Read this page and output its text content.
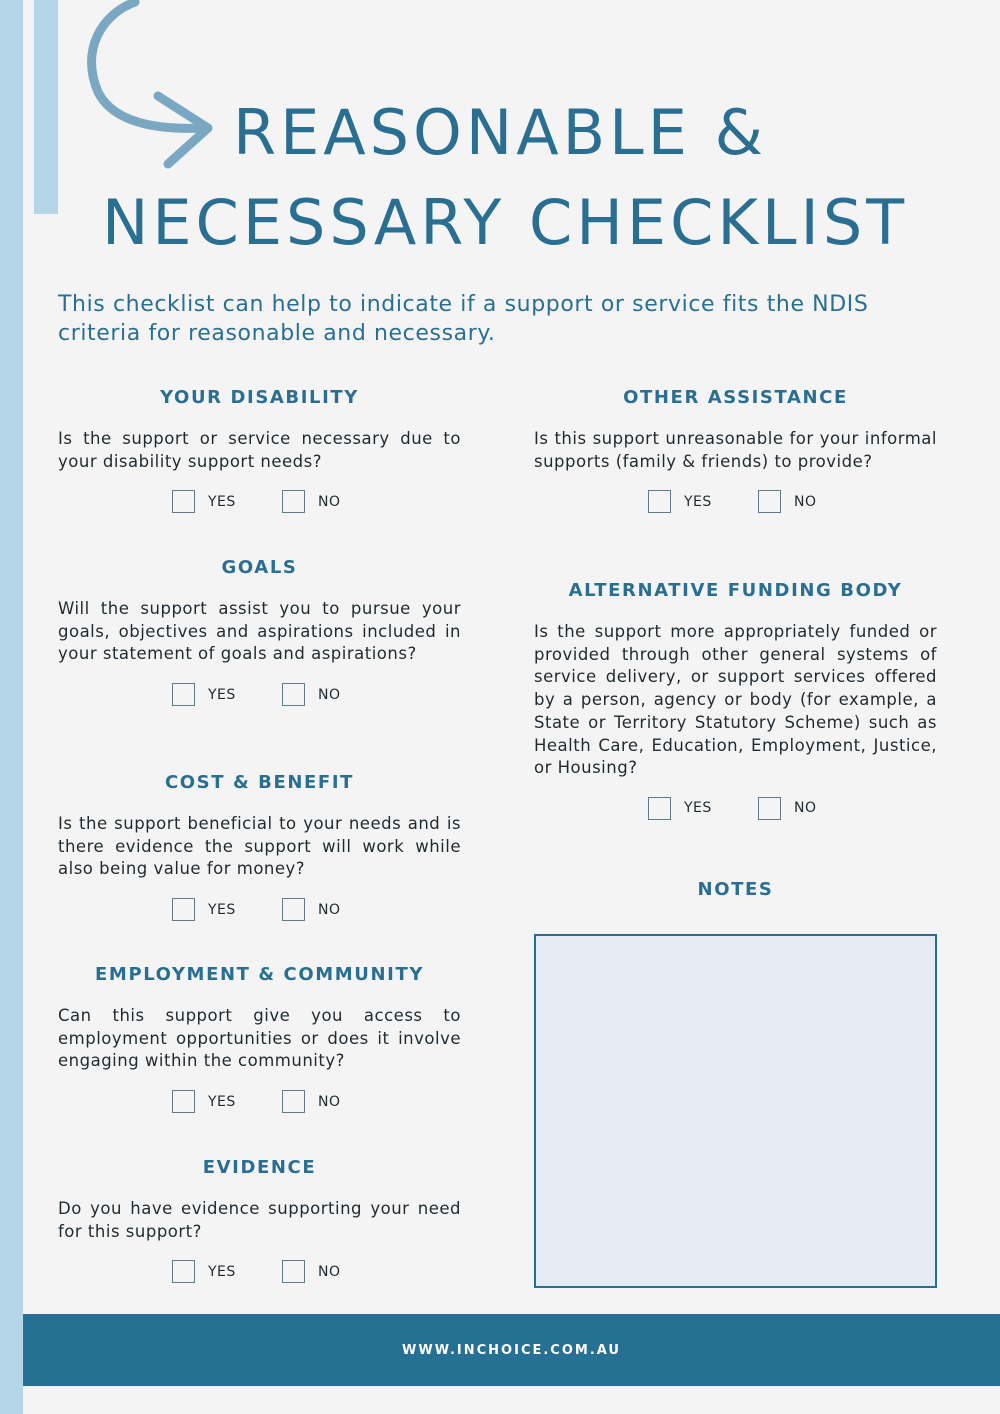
REASONABLE &
NECESSARY CHECKLIST
This checklist can help to indicate if a support or service fits the NDIS criteria for reasonable and necessary.
YOUR DISABILITY

Is the support or service necessary due to your disability support needs?

YES	NO
GOALS

Will the support assist you to pursue your goals, objectives and aspirations included in your statement of goals and aspirations?

YES	NO
COST & BENEFIT

Is the support beneficial to your needs and is there evidence the support will work while also being value for money?

YES	NO
EMPLOYMENT & COMMUNITY

Can this support give you access to employment opportunities or does it involve engaging within the community?

YES	NO
EVIDENCE

Do you have evidence supporting your need for this support?

YES	NO
OTHER ASSISTANCE

Is this support unreasonable for your informal supports (family & friends) to provide?

YES	NO
ALTERNATIVE FUNDING BODY

Is the support more appropriately funded or provided through other general systems of service delivery, or support services offered by a person, agency or body (for example, a State or Territory Statutory Scheme) such as Health Care, Education, Employment, Justice, or Housing?

YES	NO
NOTES
WWW.INCHOICE.COM.AU
